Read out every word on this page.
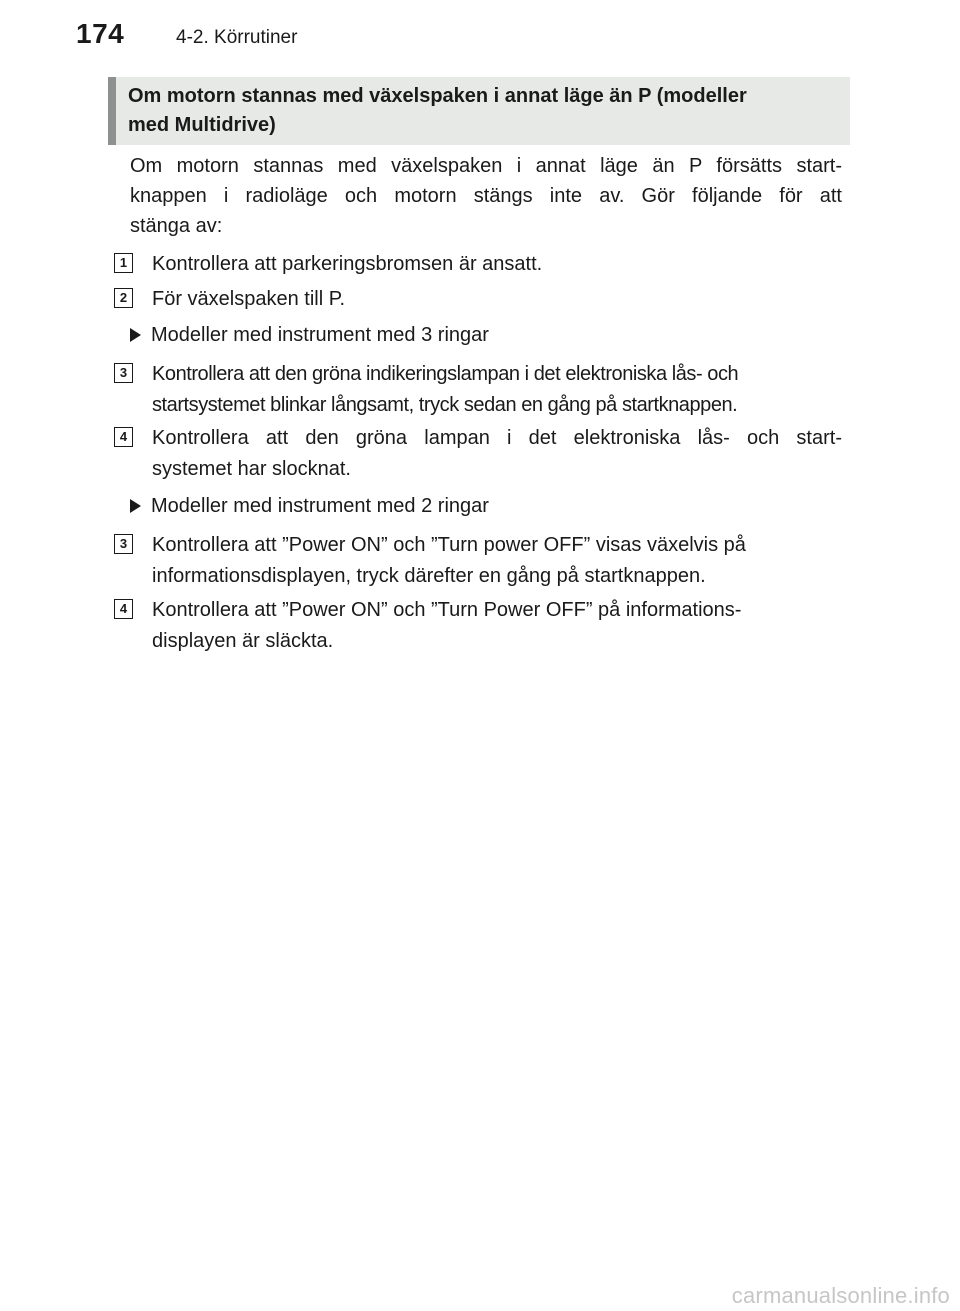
174	4-2. Körrutiner
Om motorn stannas med växelspaken i annat läge än P (modeller
med Multidrive)
Om motorn stannas med växelspaken i annat läge än P försätts start-
knappen i radioläge och motorn stängs inte av. Gör följande för att
stänga av:
1 Kontrollera att parkeringsbromsen är ansatt.
2 För växelspaken till P.
Modeller med instrument med 3 ringar
3 Kontrollera att den gröna indikeringslampan i det elektroniska lås- och
startsystemet blinkar långsamt, tryck sedan en gång på startknappen.
4 Kontrollera att den gröna lampan i det elektroniska lås- och start-
systemet har slocknat.
Modeller med instrument med 2 ringar
3 Kontrollera att ”Power ON” och ”Turn power OFF” visas växelvis på
informationsdisplayen, tryck därefter en gång på startknappen.
4 Kontrollera att ”Power ON” och ”Turn Power OFF” på informations-
displayen är släckta.
carmanualsonline.info
